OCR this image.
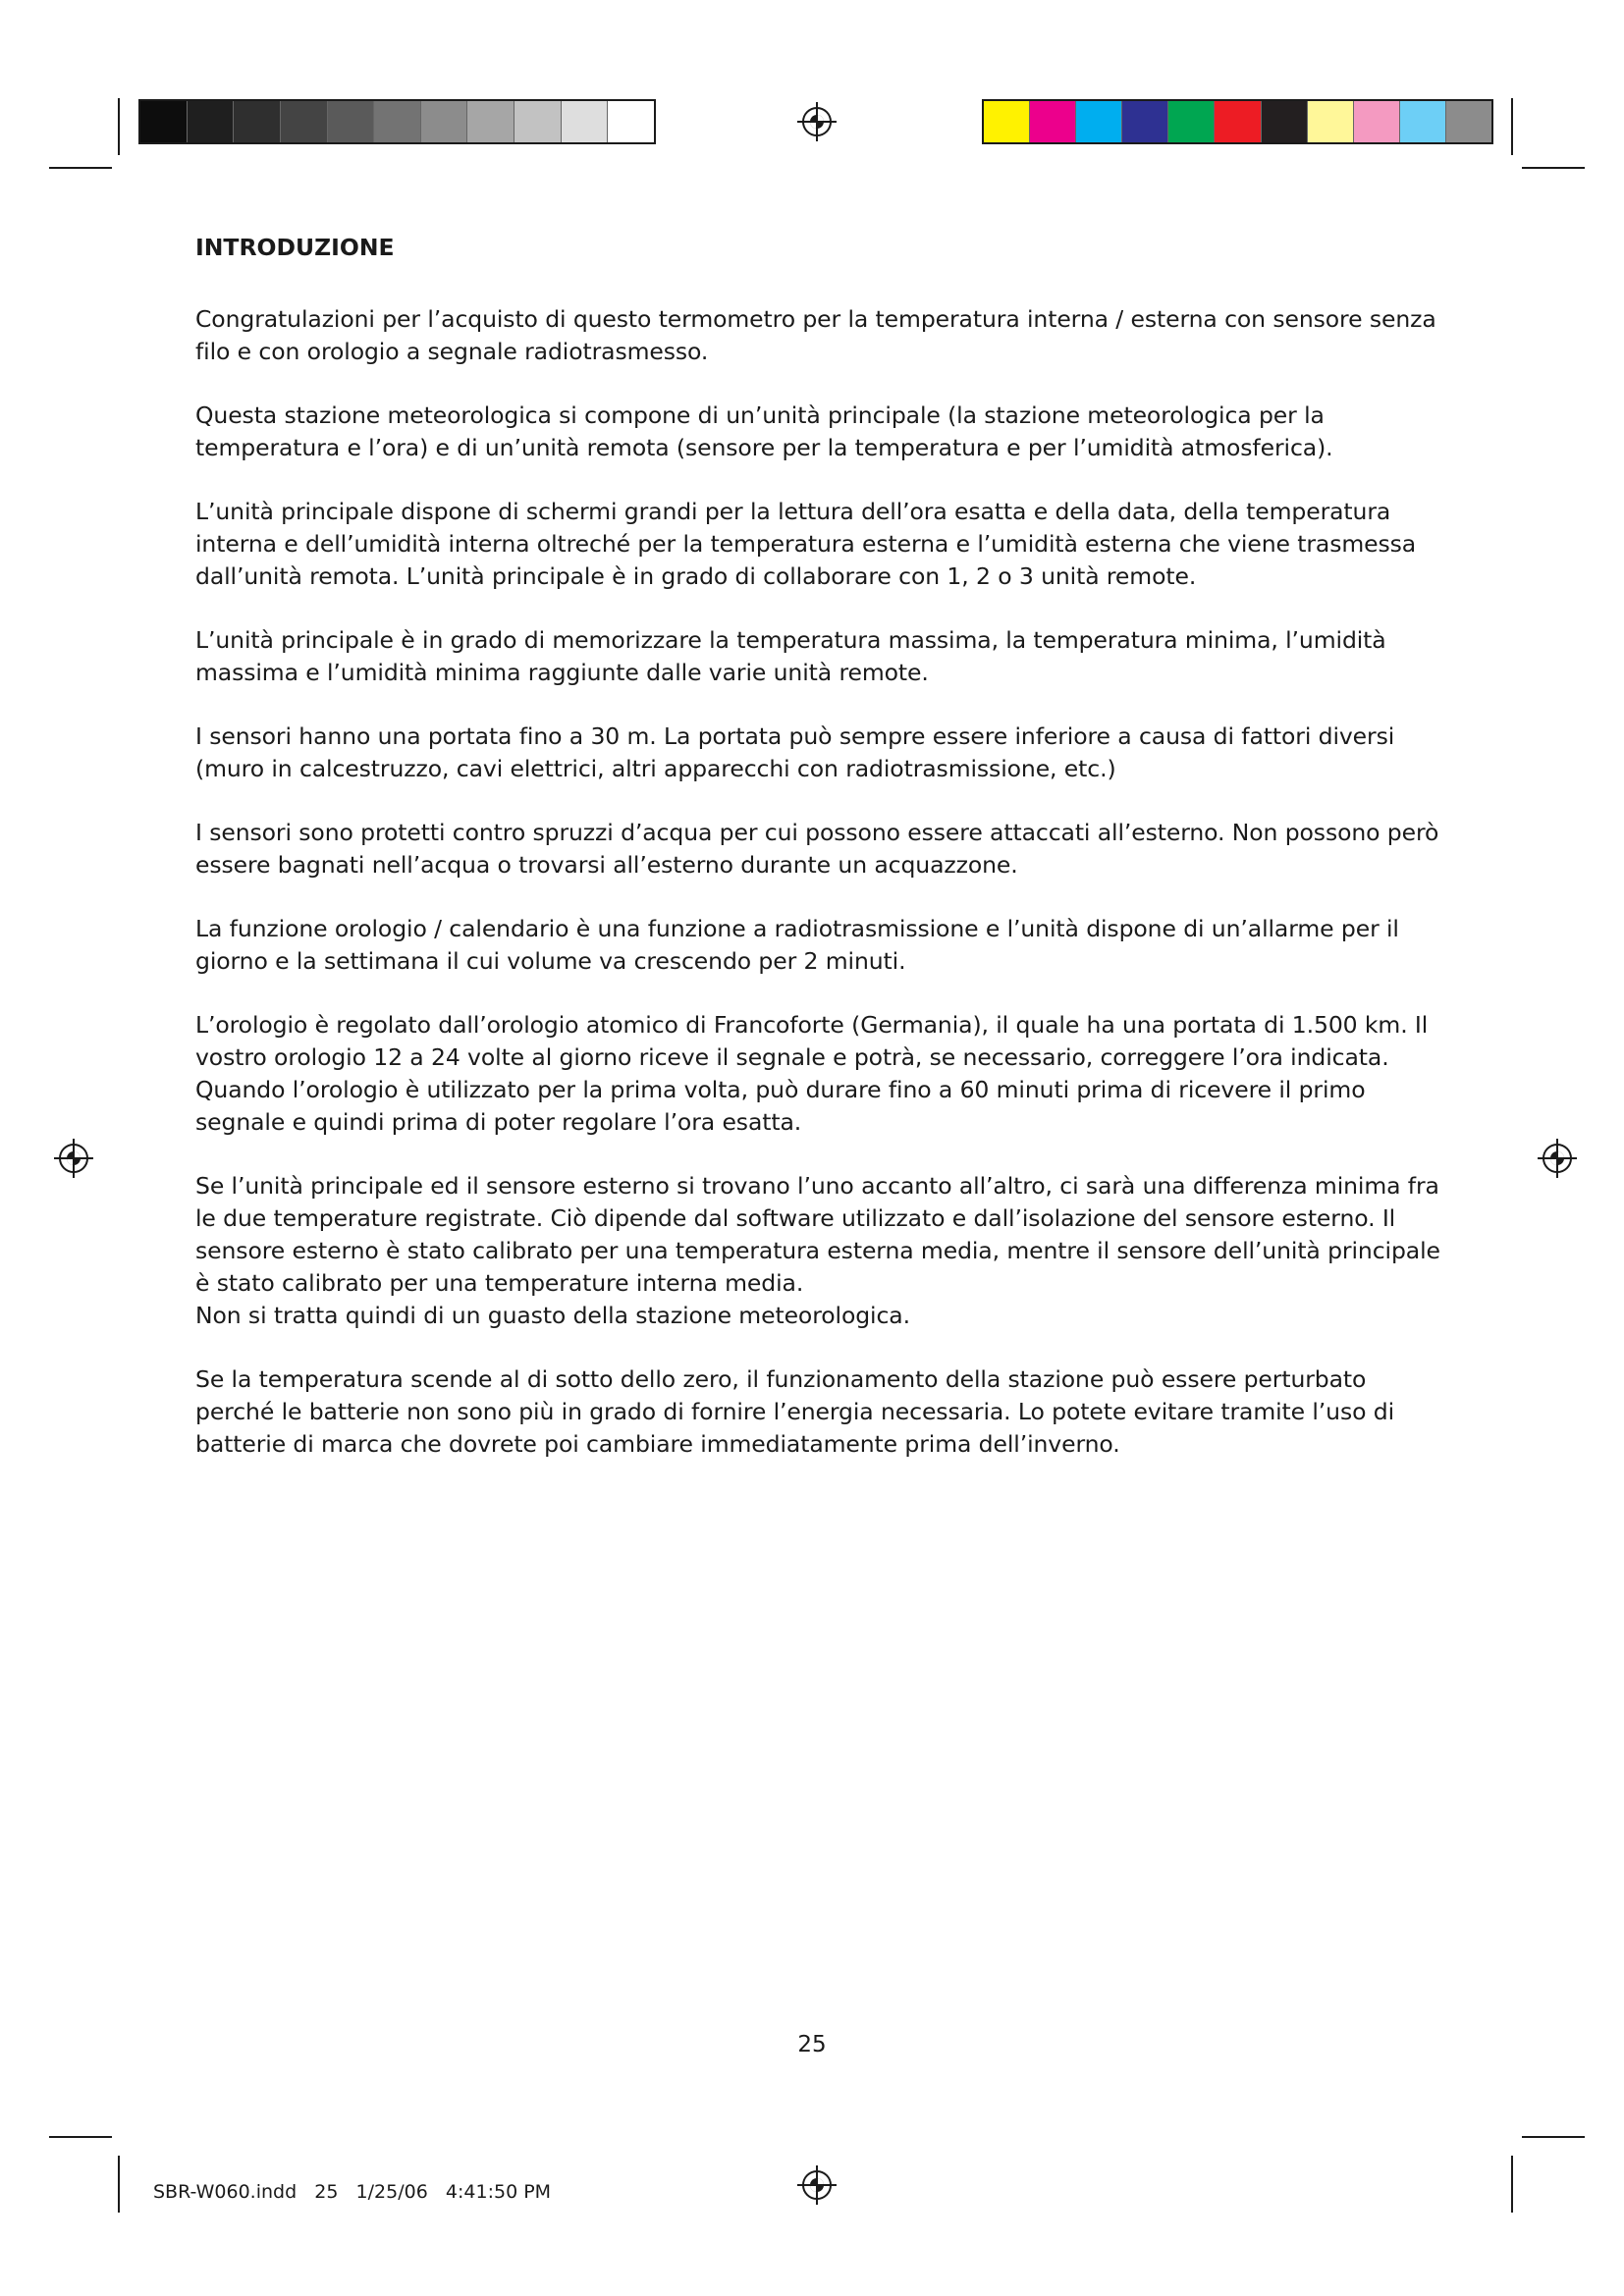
INTRODUZIONE

Congratulazioni per l’acquisto di questo termometro per la temperatura interna / esterna con sensore senza filo e con orologio a segnale radiotrasmesso.

Questa stazione meteorologica si compone di un’unità principale (la stazione meteorologica per la temperatura e l’ora) e di un’unità remota (sensore per la temperatura e per l’umidità atmosferica).

L’unità principale dispone di schermi grandi per la lettura dell’ora esatta e della data, della temperatura interna e dell’umidità interna oltreché per la temperatura esterna e l’umidità esterna che viene trasmessa dall’unità remota. L’unità principale è in grado di collaborare con 1, 2 o 3 unità remote.

L’unità principale è in grado di memorizzare la temperatura massima, la temperatura minima, l’umidità massima e l’umidità minima raggiunte dalle varie unità remote.

I sensori hanno una portata fino a 30 m. La portata può sempre essere inferiore a causa di fattori diversi (muro in calcestruzzo, cavi elettrici, altri apparecchi con radiotrasmissione, etc.)

I sensori sono protetti contro spruzzi d’acqua per cui possono essere attaccati all’esterno. Non possono però essere bagnati nell’acqua o trovarsi all’esterno durante un acquazzone.

La funzione orologio / calendario è una funzione a radiotrasmissione e l’unità dispone di un’allarme per il giorno e la settimana il cui volume va crescendo per 2 minuti.

L’orologio è regolato dall’orologio atomico di Francoforte (Germania), il quale ha una portata di 1.500 km. Il vostro orologio 12 a 24 volte al giorno riceve il segnale e potrà, se necessario, correggere l’ora indicata. Quando l’orologio è utilizzato per la prima volta, può durare fino a 60 minuti prima di ricevere il primo segnale e quindi prima di poter regolare l’ora esatta.

Se l’unità principale ed il sensore esterno si trovano l’uno accanto all’altro, ci sarà una differenza minima fra le due temperature registrate. Ciò dipende dal software utilizzato e dall’isolazione del sensore esterno. Il sensore esterno è stato calibrato per una temperatura esterna media, mentre il sensore dell’unità principale è stato calibrato per una temperature interna media.

Non si tratta quindi di un guasto della stazione meteorologica.

Se la temperatura scende al di sotto dello zero, il funzionamento della stazione può essere perturbato perché le batterie non sono più in grado di fornire l’energia necessaria. Lo potete evitare tramite l’uso di batterie di marca che dovrete poi cambiare immediatamente prima dell’inverno.

25
SBR-W060.indd   25   1/25/06   4:41:50 PM
